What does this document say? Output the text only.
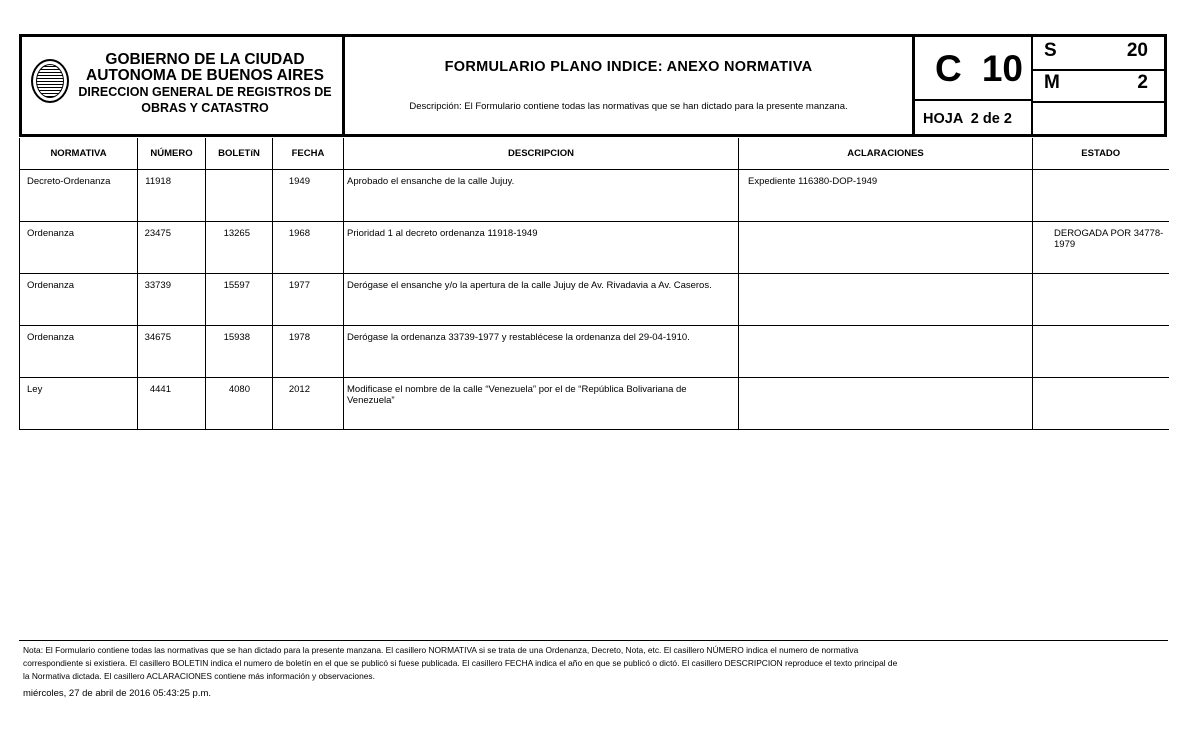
GOBIERNO DE LA CIUDAD
AUTONOMA DE BUENOS AIRES
DIRECCION GENERAL DE REGISTROS DE
OBRAS Y CATASTRO
FORMULARIO PLANO INDICE: ANEXO NORMATIVA
Descripción: El Formulario contiene todas las normativas que se han dictado para la presente manzana.
C 10 S	20
M	2
HOJA 2 de 2
NORMATIVA	NÚMERO	BOLETíN	FECHA	DESCRIPCION	ACLARACIONES	ESTADO
Decreto-Ordenanza	11918		1949	Aprobado el ensanche de la calle Jujuy.	Expediente 116380-DOP-1949	
Ordenanza	23475	13265	1968	Prioridad 1 al decreto ordenanza 11918-1949		DEROGADA POR 34778-1979
Ordenanza	33739	15597	1977	Derógase el ensanche y/o la apertura de la calle Jujuy de Av. Rivadavia a Av. Caseros.		
Ordenanza	34675	15938	1978	Derógase la ordenanza 33739-1977 y restablécese la ordenanza del 29-04-1910.		
Ley	4441	4080	2012	Modificase el nombre de la calle “Venezuela” por el de “República Bolivariana de Venezuela”		
Nota: El Formulario contiene todas las normativas que se han dictado para la presente manzana. El casillero NORMATIVA si se trata de una Ordenanza, Decreto, Nota, etc. El casillero NÚMERO indica el numero de normativa correspondiente si existiera. El casillero BOLETIN indica el numero de boletín en el que se publicó si fuese publicada. El casillero FECHA indica el año en que se publicó o dictó. El casillero DESCRIPCION reproduce el texto principal de la Normativa dictada. El casillero ACLARACIONES contiene más información y observaciones.
miércoles, 27 de abril de 2016 05:43:25 p.m.
